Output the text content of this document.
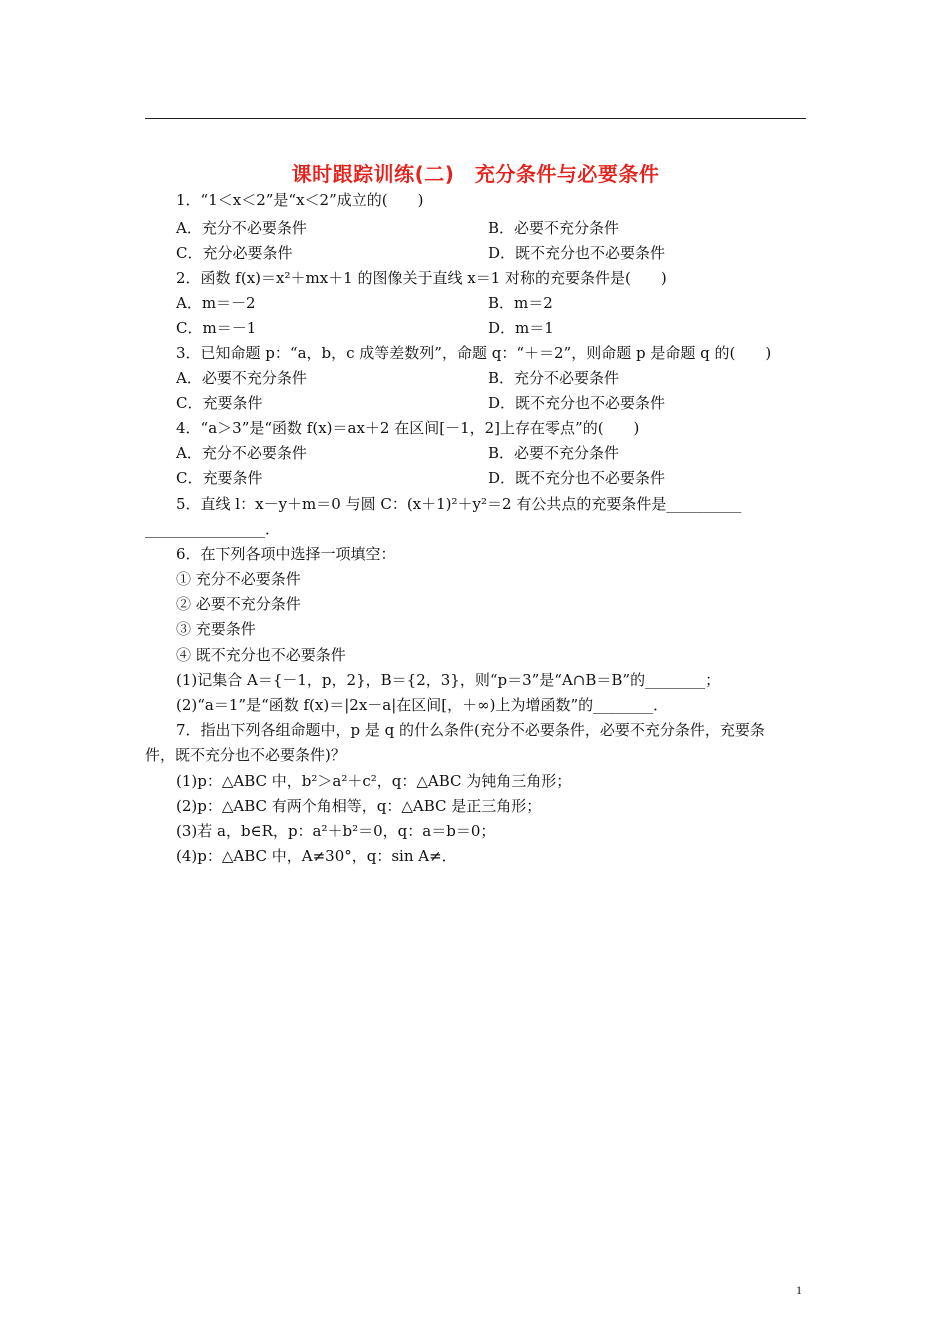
课时跟踪训练(二)　充分条件与必要条件
1．“1＜x＜2”是“x＜2”成立的(　　)
A．充分不必要条件	B．必要不充分条件
C．充分必要条件	D．既不充分也不必要条件
2．函数 f(x)＝x²＋mx＋1 的图像关于直线 x＝1 对称的充要条件是(　　)
A．m＝－2	B．m＝2
C．m＝－1	D．m＝1
3．已知命题 p：“a，b，c 成等差数列”，命题 q：“＋＝2”，则命题 p 是命题 q 的(　　)
A．必要不充分条件	B．充分不必要条件
C．充要条件	D．既不充分也不必要条件
4．“a＞3”是“函数 f(x)＝ax＋2 在区间[－1，2]上存在零点”的(　　)
A．充分不必要条件	B．必要不充分条件
C．充要条件	D．既不充分也不必要条件
5．直线 l：x－y＋m＝0 与圆 C：(x＋1)²＋y²＝2 有公共点的充要条件是__________
________________．
6．在下列各项中选择一项填空：
① 充分不必要条件
② 必要不充分条件
③ 充要条件
④ 既不充分也不必要条件
(1)记集合 A＝{－1，p，2}，B＝{2，3}，则“p＝3”是“A∩B＝B”的________；
(2)“a＝1”是“函数 f(x)＝|2x－a|在区间[，＋∞)上为增函数”的________．
7．指出下列各组命题中，p 是 q 的什么条件(充分不必要条件，必要不充分条件，充要条
件，既不充分也不必要条件)？
(1)p：△ABC 中，b²＞a²＋c²，q：△ABC 为钝角三角形；
(2)p：△ABC 有两个角相等，q：△ABC 是正三角形；
(3)若 a，b∈R，p：a²＋b²＝0，q：a＝b＝0；
(4)p：△ABC 中，A≠30°，q：sin A≠．
1
